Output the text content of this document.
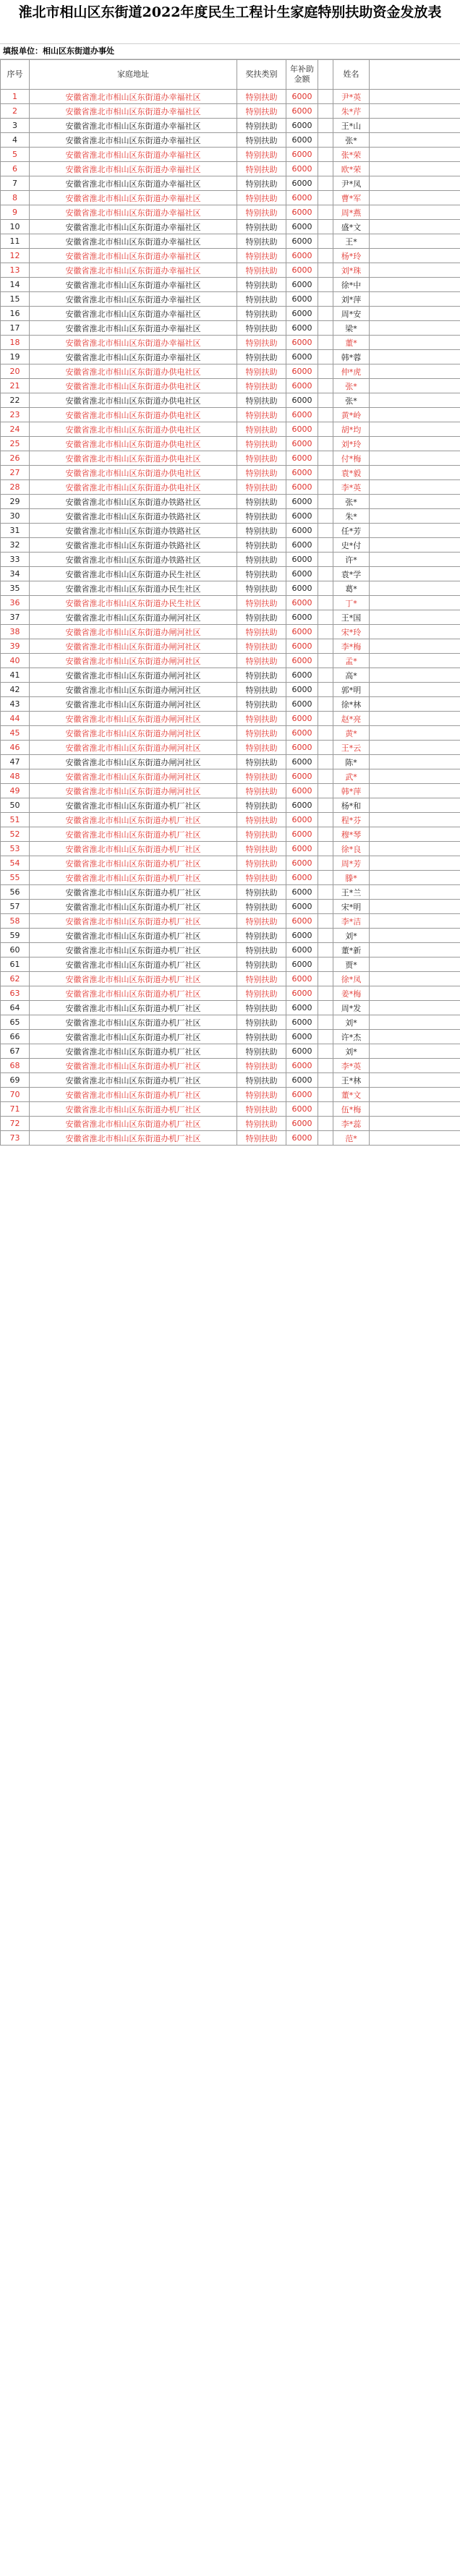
淮北市相山区东街道2022年度民生工程计生家庭特别扶助资金发放表
填报单位：相山区东街道办事处
序号	家庭地址	奖扶类别	年补助金额		姓名	
1	安徽省淮北市相山区东街道办幸福社区	特别扶助	6000		尹*英	
2	安徽省淮北市相山区东街道办幸福社区	特别扶助	6000		朱*芹	
3	安徽省淮北市相山区东街道办幸福社区	特别扶助	6000		王*山	
4	安徽省淮北市相山区东街道办幸福社区	特别扶助	6000		张*	
5	安徽省淮北市相山区东街道办幸福社区	特别扶助	6000		张*荣	
6	安徽省淮北市相山区东街道办幸福社区	特别扶助	6000		欧*荣	
7	安徽省淮北市相山区东街道办幸福社区	特别扶助	6000		尹*凤	
8	安徽省淮北市相山区东街道办幸福社区	特别扶助	6000		曹*军	
9	安徽省淮北市相山区东街道办幸福社区	特别扶助	6000		周*燕	
10	安徽省淮北市相山区东街道办幸福社区	特别扶助	6000		盛*文	
11	安徽省淮北市相山区东街道办幸福社区	特别扶助	6000		王*	
12	安徽省淮北市相山区东街道办幸福社区	特别扶助	6000		杨*玲	
13	安徽省淮北市相山区东街道办幸福社区	特别扶助	6000		刘*珠	
14	安徽省淮北市相山区东街道办幸福社区	特别扶助	6000		徐*中	
15	安徽省淮北市相山区东街道办幸福社区	特别扶助	6000		刘*萍	
16	安徽省淮北市相山区东街道办幸福社区	特别扶助	6000		周*安	
17	安徽省淮北市相山区东街道办幸福社区	特别扶助	6000		梁*	
18	安徽省淮北市相山区东街道办幸福社区	特别扶助	6000		董*	
19	安徽省淮北市相山区东街道办幸福社区	特别扶助	6000		韩*蓉	
20	安徽省淮北市相山区东街道办供电社区	特别扶助	6000		仲*虎	
21	安徽省淮北市相山区东街道办供电社区	特别扶助	6000		张*	
22	安徽省淮北市相山区东街道办供电社区	特别扶助	6000		张*	
23	安徽省淮北市相山区东街道办供电社区	特别扶助	6000		黄*岭	
24	安徽省淮北市相山区东街道办供电社区	特别扶助	6000		胡*均	
25	安徽省淮北市相山区东街道办供电社区	特别扶助	6000		刘*玲	
26	安徽省淮北市相山区东街道办供电社区	特别扶助	6000		付*梅	
27	安徽省淮北市相山区东街道办供电社区	特别扶助	6000		袁*毅	
28	安徽省淮北市相山区东街道办供电社区	特别扶助	6000		李*英	
29	安徽省淮北市相山区东街道办铁路社区	特别扶助	6000		张*	
30	安徽省淮北市相山区东街道办铁路社区	特别扶助	6000		朱*	
31	安徽省淮北市相山区东街道办铁路社区	特别扶助	6000		任*芳	
32	安徽省淮北市相山区东街道办铁路社区	特别扶助	6000		史*付	
33	安徽省淮北市相山区东街道办铁路社区	特别扶助	6000		许*	
34	安徽省淮北市相山区东街道办民生社区	特别扶助	6000		袁*学	
35	安徽省淮北市相山区东街道办民生社区	特别扶助	6000		葛*	
36	安徽省淮北市相山区东街道办民生社区	特别扶助	6000		丁*	
37	安徽省淮北市相山区东街道办闸河社区	特别扶助	6000		王*国	
38	安徽省淮北市相山区东街道办闸河社区	特别扶助	6000		宋*玲	
39	安徽省淮北市相山区东街道办闸河社区	特别扶助	6000		李*梅	
40	安徽省淮北市相山区东街道办闸河社区	特别扶助	6000		孟*	
41	安徽省淮北市相山区东街道办闸河社区	特别扶助	6000		高*	
42	安徽省淮北市相山区东街道办闸河社区	特别扶助	6000		郭*明	
43	安徽省淮北市相山区东街道办闸河社区	特别扶助	6000		徐*林	
44	安徽省淮北市相山区东街道办闸河社区	特别扶助	6000		赵*亮	
45	安徽省淮北市相山区东街道办闸河社区	特别扶助	6000		黄*	
46	安徽省淮北市相山区东街道办闸河社区	特别扶助	6000		王*云	
47	安徽省淮北市相山区东街道办闸河社区	特别扶助	6000		陈*	
48	安徽省淮北市相山区东街道办闸河社区	特别扶助	6000		武*	
49	安徽省淮北市相山区东街道办闸河社区	特别扶助	6000		韩*萍	
50	安徽省淮北市相山区东街道办机厂社区	特别扶助	6000		杨*和	
51	安徽省淮北市相山区东街道办机厂社区	特别扶助	6000		程*芬	
52	安徽省淮北市相山区东街道办机厂社区	特别扶助	6000		穆*琴	
53	安徽省淮北市相山区东街道办机厂社区	特别扶助	6000		徐*良	
54	安徽省淮北市相山区东街道办机厂社区	特别扶助	6000		周*芳	
55	安徽省淮北市相山区东街道办机厂社区	特别扶助	6000		滕*	
56	安徽省淮北市相山区东街道办机厂社区	特别扶助	6000		王*兰	
57	安徽省淮北市相山区东街道办机厂社区	特别扶助	6000		宋*明	
58	安徽省淮北市相山区东街道办机厂社区	特别扶助	6000		李*洁	
59	安徽省淮北市相山区东街道办机厂社区	特别扶助	6000		刘*	
60	安徽省淮北市相山区东街道办机厂社区	特别扶助	6000		董*新	
61	安徽省淮北市相山区东街道办机厂社区	特别扶助	6000		贾*	
62	安徽省淮北市相山区东街道办机厂社区	特别扶助	6000		徐*凤	
63	安徽省淮北市相山区东街道办机厂社区	特别扶助	6000		姜*梅	
64	安徽省淮北市相山区东街道办机厂社区	特别扶助	6000		周*发	
65	安徽省淮北市相山区东街道办机厂社区	特别扶助	6000		刘*	
66	安徽省淮北市相山区东街道办机厂社区	特别扶助	6000		许*杰	
67	安徽省淮北市相山区东街道办机厂社区	特别扶助	6000		刘*	
68	安徽省淮北市相山区东街道办机厂社区	特别扶助	6000		李*英	
69	安徽省淮北市相山区东街道办机厂社区	特别扶助	6000		王*林	
70	安徽省淮北市相山区东街道办机厂社区	特别扶助	6000		董*文	
71	安徽省淮北市相山区东街道办机厂社区	特别扶助	6000		伍*梅	
72	安徽省淮北市相山区东街道办机厂社区	特别扶助	6000		李*蕊	
73	安徽省淮北市相山区东街道办机厂社区	特别扶助	6000		范*	
